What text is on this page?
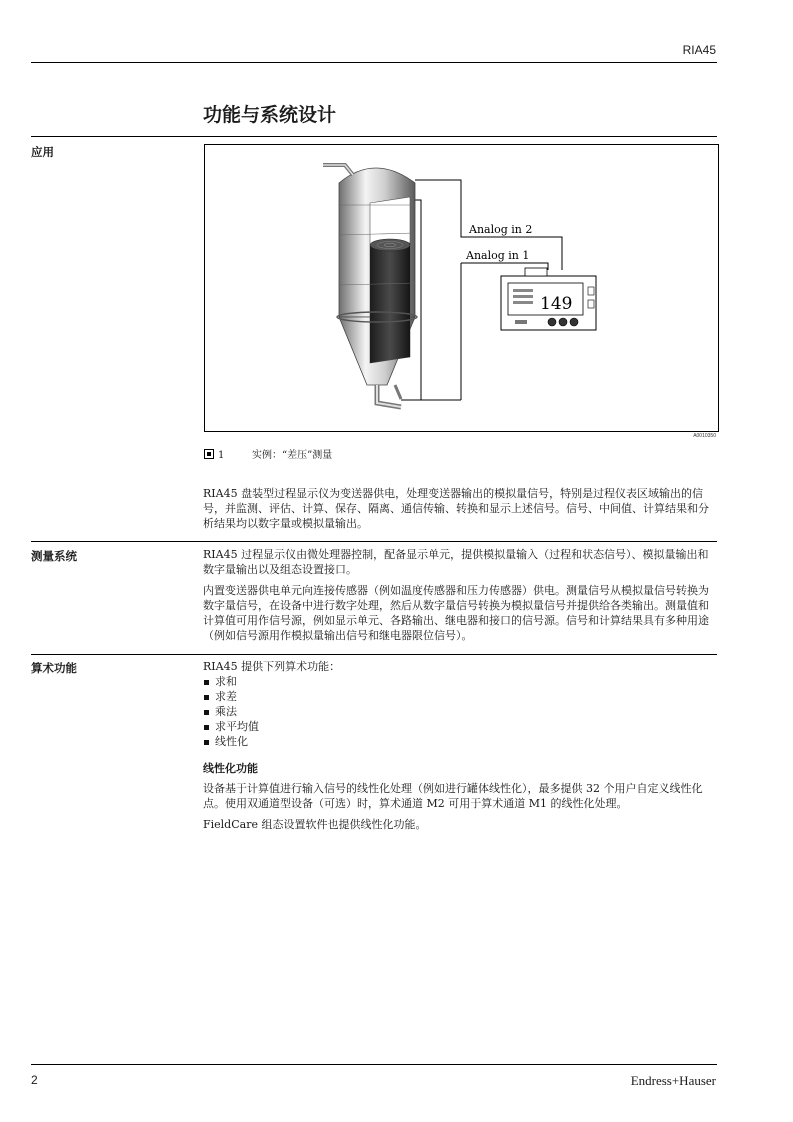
RIA45
功能与系统设计
应用
Analog in 2
Analog in 1
149
A0010350
1	实例：“差压”测量

RIA45 盘装型过程显示仪为变送器供电，处理变送器输出的模拟量信号，特别是过程仪表区域输出的信号，并监测、评估、计算、保存、隔离、通信传输、转换和显示上述信号。信号、中间值、计算结果和分析结果均以数字量或模拟量输出。

测量系统	RIA45 过程显示仪由微处理器控制，配备显示单元，提供模拟量输入（过程和状态信号）、模拟量输出和数字量输出以及组态设置接口。

内置变送器供电单元向连接传感器（例如温度传感器和压力传感器）供电。测量信号从模拟量信号转换为数字量信号，在设备中进行数字处理，然后从数字量信号转换为模拟量信号并提供给各类输出。测量值和计算值可用作信号源，例如显示单元、各路输出、继电器和接口的信号源。信号和计算结果具有多种用途（例如信号源用作模拟量输出信号和继电器限位信号）。

算术功能	RIA45 提供下列算术功能：
求和
求差
乘法
求平均值
线性化
线性化功能

设备基于计算值进行输入信号的线性化处理（例如进行罐体线性化），最多提供 32 个用户自定义线性化点。使用双通道型设备（可选）时，算术通道 M2 可用于算术通道 M1 的线性化处理。

FieldCare 组态设置软件也提供线性化功能。

2	Endress+Hauser
